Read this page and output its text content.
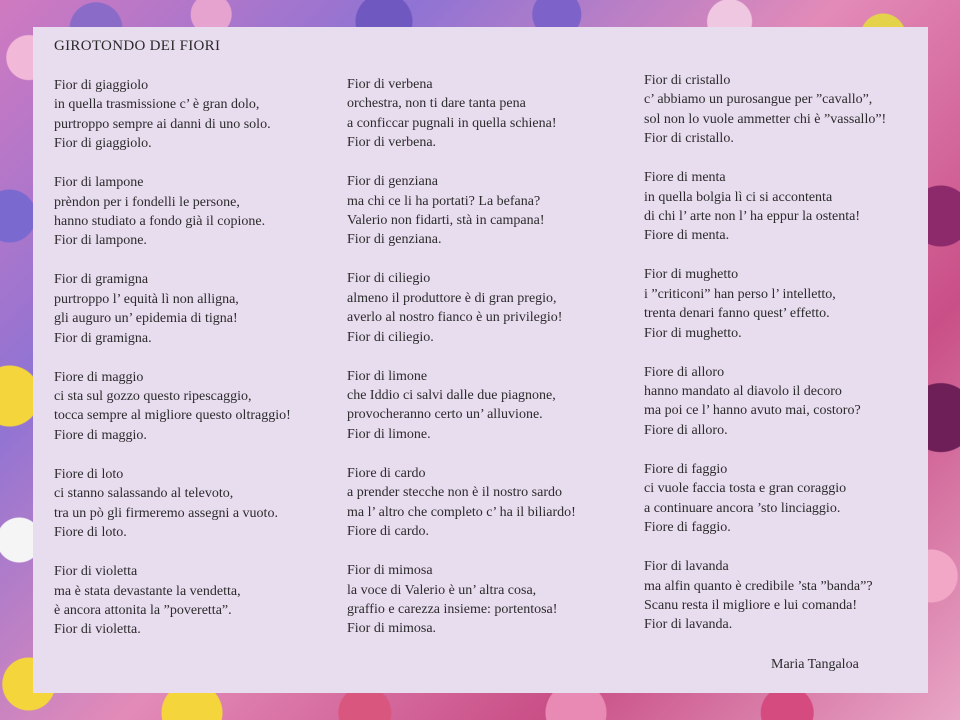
GIROTONDO DEI FIORI
Fior di giaggiolo
in quella trasmissione c’ è gran dolo,
purtroppo sempre ai danni di uno solo.
Fior di giaggiolo.
Fior di lampone
prèndon per i fondelli le persone,
hanno studiato a fondo già il copione.
Fior di lampone.
Fior di gramigna
purtroppo l’ equità lì non alligna,
gli auguro un’ epidemia di tigna!
Fior di gramigna.
Fiore di maggio
ci sta sul gozzo questo ripescaggio,
tocca sempre al migliore questo oltraggio!
Fiore di maggio.
Fiore di loto
ci stanno salassando al televoto,
tra un pò gli firmeremo assegni a vuoto.
Fiore di loto.
Fior di violetta
ma è stata devastante la vendetta,
è ancora attonita la ”poveretta”.
Fior di violetta.
Fior di verbena
orchestra, non ti dare tanta pena
a conficcar pugnali in quella schiena!
Fior di verbena.
Fior di genziana
ma chi ce li ha portati? La befana?
Valerio non fidarti, stà in campana!
Fior di genziana.
Fior di ciliegio
almeno il produttore è di gran pregio,
averlo al nostro fianco è un privilegio!
Fior di ciliegio.
Fior di limone
che Iddio ci salvi dalle due piagnone,
provocheranno certo un’ alluvione.
Fior di limone.
Fiore di cardo
a prender stecche non è il nostro sardo
ma l’ altro che completo c’ ha il biliardo!
Fiore di cardo.
Fior di mimosa
la voce di Valerio è un’ altra cosa,
graffio e carezza insieme: portentosa!
Fior di mimosa.
Fior di cristallo
c’ abbiamo un purosangue per ”cavallo”,
sol non lo vuole ammetter chi è ”vassallo”!
Fior di cristallo.
Fiore di menta
in quella bolgia lì ci si accontenta
di chi l’ arte non l’ ha eppur la ostenta!
Fiore di menta.
Fior di mughetto
i ”criticoni” han perso l’ intelletto,
trenta denari fanno quest’ effetto.
Fior di mughetto.
Fiore di alloro
hanno mandato al diavolo il decoro
ma poi ce l’ hanno avuto mai, costoro?
Fiore di alloro.
Fiore di faggio
ci vuole faccia tosta e gran coraggio
a continuare ancora ’sto linciaggio.
Fiore di faggio.
Fior di lavanda
ma alfin quanto è credibile ’sta ”banda”?
Scanu resta il migliore e lui comanda!
Fior di lavanda.
Maria Tangaloa
